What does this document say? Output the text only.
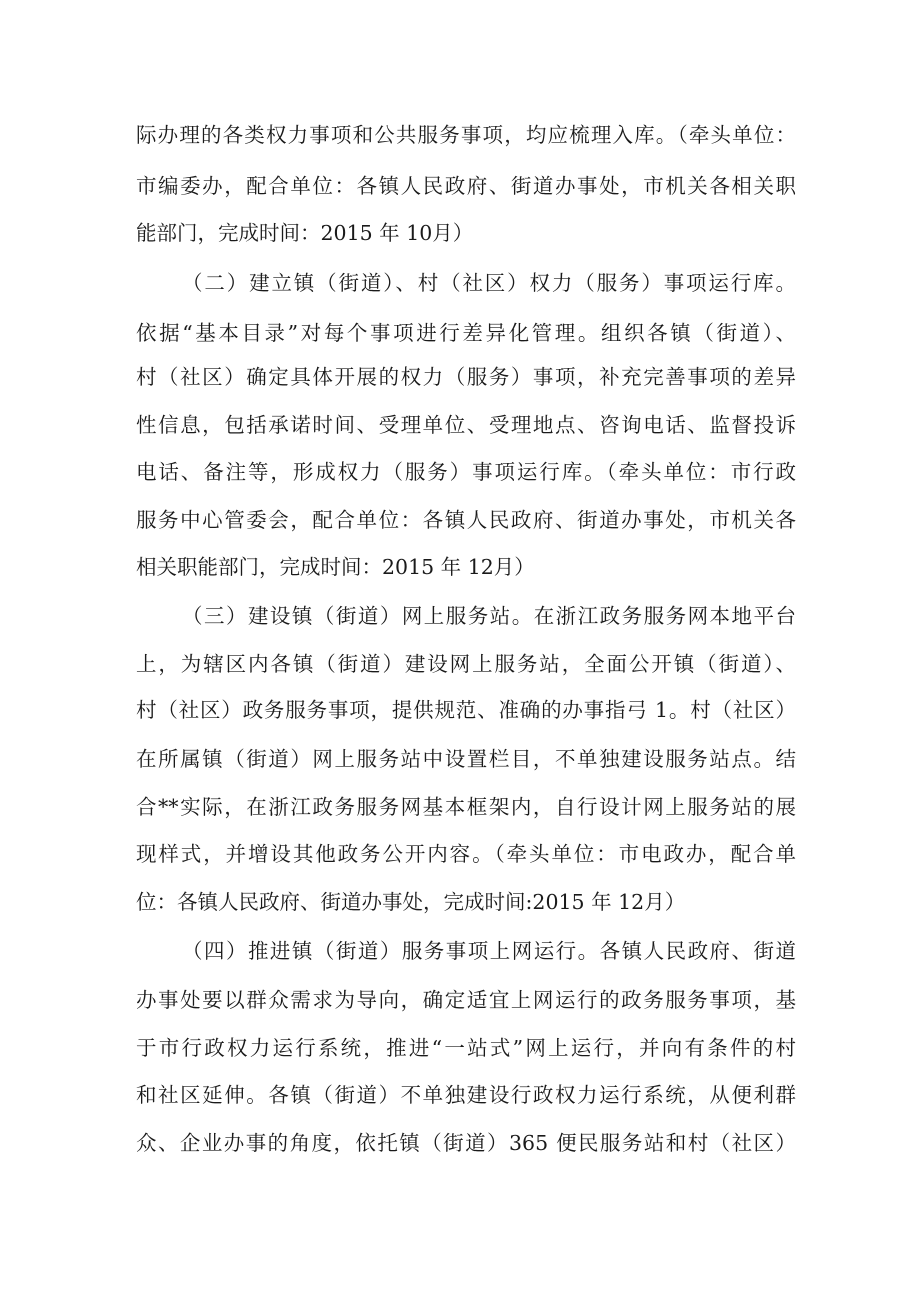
际办理的各类权力事项和公共服务事项，均应梳理入库。（牵头单位：
市编委办，配合单位：各镇人民政府、街道办事处，市机关各相关职
能部门，完成时间：2015 年 10月）
（二）建立镇（街道）、村（社区）权力（服务）事项运行库。
依据“基本目录”对每个事项进行差异化管理。组织各镇（街道）、
村（社区）确定具体开展的权力（服务）事项，补充完善事项的差异
性信息，包括承诺时间、受理单位、受理地点、咨询电话、监督投诉
电话、备注等，形成权力（服务）事项运行库。（牵头单位：市行政
服务中心管委会，配合单位：各镇人民政府、街道办事处，市机关各
相关职能部门，完成时间：2015 年 12月）
（三）建设镇（街道）网上服务站。在浙江政务服务网本地平台
上，为辖区内各镇（街道）建设网上服务站，全面公开镇（街道）、
村（社区）政务服务事项，提供规范、准确的办事指弓 1。村（社区）
在所属镇（街道）网上服务站中设置栏目，不单独建设服务站点。结
合**实际，在浙江政务服务网基本框架内，自行设计网上服务站的展
现样式，并增设其他政务公开内容。（牵头单位：市电政办，配合单
位：各镇人民政府、街道办事处，完成时间:2015 年 12月）
（四）推进镇（街道）服务事项上网运行。各镇人民政府、街道
办事处要以群众需求为导向，确定适宜上网运行的政务服务事项，基
于市行政权力运行系统，推进“一站式”网上运行，并向有条件的村
和社区延伸。各镇（街道）不单独建设行政权力运行系统，从便利群
众、企业办事的角度，依托镇（街道）365 便民服务站和村（社区）
